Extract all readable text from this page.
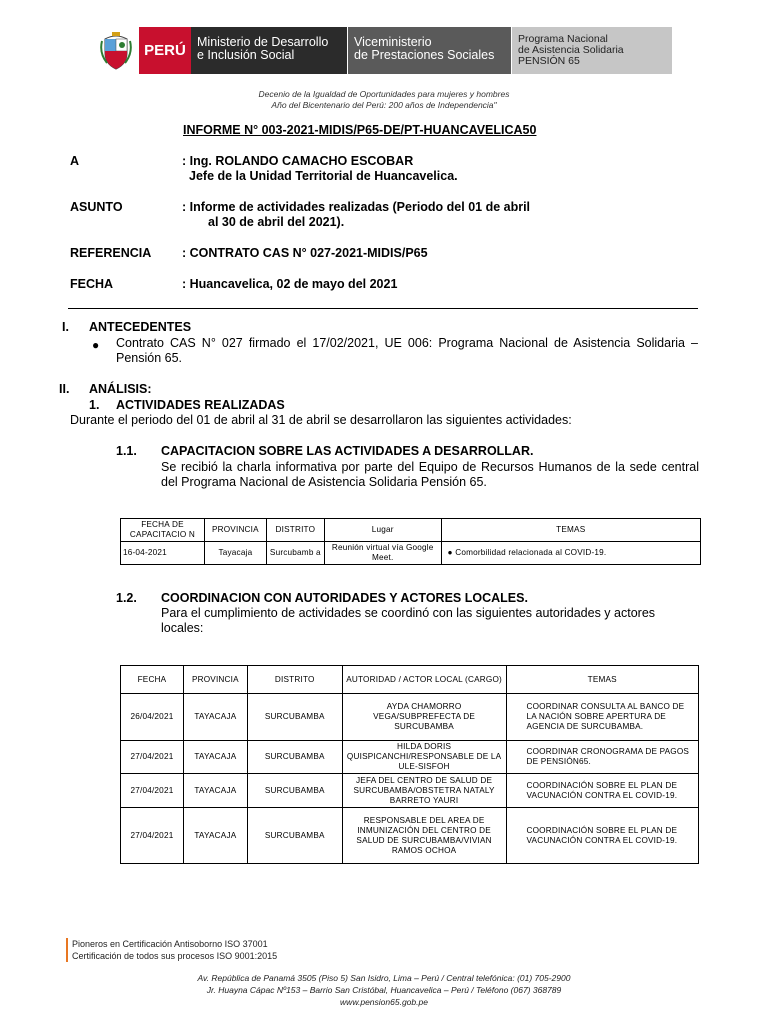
PERÚ Ministerio de Desarrollo
e Inclusión Social
Viceministerio
de Prestaciones Sociales
Programa Nacional
de Asistencia Solidaria
PENSIÓN 65
Decenio de la Igualdad de Oportunidades para mujeres y hombres
Año del Bicentenario del Perú: 200 años de Independencia"
INFORME N° 003-2021-MIDIS/P65-DE/PT-HUANCAVELICA50
A	: Ing. ROLANDO CAMACHO ESCOBAR
Jefe de la Unidad Territorial de Huancavelica.
ASUNTO	: Informe de actividades realizadas (Periodo del 01 de abril
al 30 de abril del 2021).
REFERENCIA	: CONTRATO CAS N° 027-2021-MIDIS/P65
FECHA	: Huancavelica, 02 de mayo del 2021
I. ANTECEDENTES
● Contrato CAS N° 027 firmado el 17/02/2021, UE 006: Programa Nacional de Asistencia Solidaria – Pensión 65.
II. ANÁLISIS:
1. ACTIVIDADES REALIZADAS
Durante el periodo del 01 de abril al 31 de abril se desarrollaron las siguientes actividades:
1.1. CAPACITACION SOBRE LAS ACTIVIDADES A DESARROLLAR.
Se recibió la charla informativa por parte del Equipo de Recursos Humanos de la sede central del Programa Nacional de Asistencia Solidaria Pensión 65.
FECHA DE CAPACITACIO N	PROVINCIA	DISTRITO	Lugar	TEMAS
16-04-2021	Tayacaja	Surcubamb a	Reunión virtual vía Google Meet.	● Comorbilidad relacionada al COVID-19.
1.2. COORDINACION CON AUTORIDADES Y ACTORES LOCALES.
Para el cumplimiento de actividades se coordinó con las siguientes autoridades y actores locales:
FECHA	PROVINCIA	DISTRITO	AUTORIDAD / ACTOR LOCAL (CARGO)	TEMAS
26/04/2021	TAYACAJA	SURCUBAMBA	AYDA CHAMORRO VEGA/SUBPREFECTA DE SURCUBAMBA	COORDINAR CONSULTA AL BANCO DE LA NACIÓN SOBRE APERTURA DE AGENCIA DE SURCUBAMBA.
27/04/2021	TAYACAJA	SURCUBAMBA	HILDA DORIS QUISPICANCHI/RESPONSABLE DE LA ULE-SISFOH	COORDINAR CRONOGRAMA DE PAGOS DE PENSIÓN65.
27/04/2021	TAYACAJA	SURCUBAMBA	JEFA DEL CENTRO DE SALUD DE SURCUBAMBA/OBSTETRA NATALY BARRETO YAURI	COORDINACIÓN SOBRE EL PLAN DE VACUNACIÓN CONTRA EL COVID-19.
27/04/2021	TAYACAJA	SURCUBAMBA	RESPONSABLE DEL AREA DE INMUNIZACIÓN DEL CENTRO DE SALUD DE SURCUBAMBA/VIVIAN RAMOS OCHOA	COORDINACIÓN SOBRE EL PLAN DE VACUNACIÓN CONTRA EL COVID-19.
Pioneros en Certificación Antisoborno ISO 37001
Certificación de todos sus procesos ISO 9001:2015
Av. República de Panamá 3505 (Piso 5) San Isidro, Lima – Perú / Central telefónica: (01) 705-2900
Jr. Huayna Cápac Nº153 – Barrio San Cristóbal, Huancavelica – Perú / Teléfono (067) 368789
www.pension65.gob.pe
